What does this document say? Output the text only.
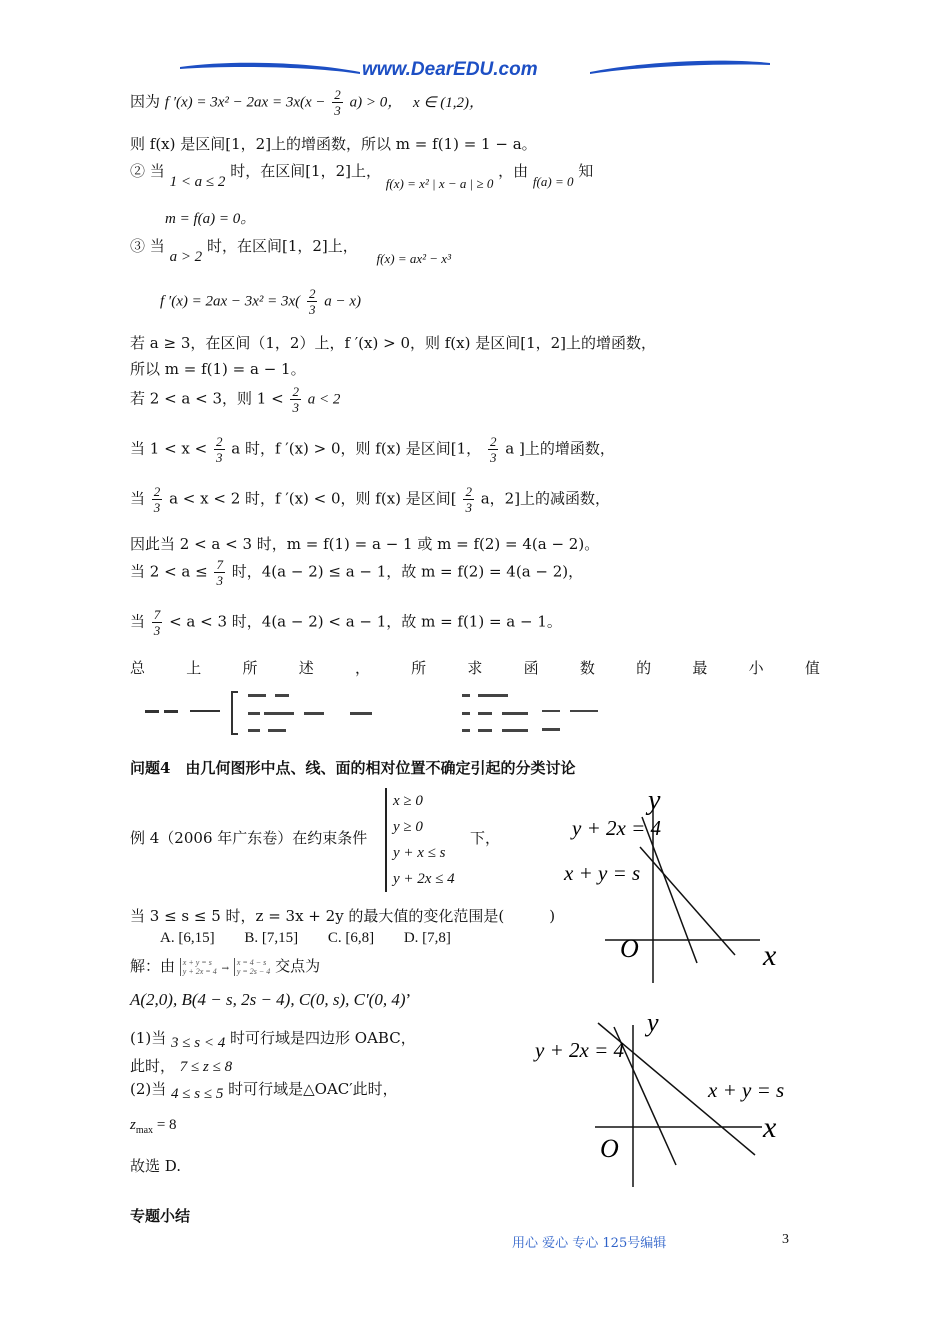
www.DearEDU.com
因为 f $'(x) = 3x^2 - 2ax = 3x(x - \frac{2}{3} a) > 0$， x ∈ (1,2)，
则 f(x) 是区间[1，2]上的增函数，所以 m = f(1) = 1 − a。
② 当 1 < a ≤ 2 时，在区间[1，2]上， f(x) = x² | x − a | ≥ 0 ，由 f(a) = 0 知
m = f(a) = 0。
③ 当 a > 2 时，在区间[1，2]上， f(x) = ax² − x³
f $'(x) = 2ax - 3x^2 = 3x( \frac{2}{3}$ a − x)
若 a ≥ 3，在区间（1，2）上，f ′(x) > 0，则 f(x) 是区间[1，2]上的增函数，
所以 m = f(1) = a − 1。
若 2 < a < 3，则 $1 < \frac{2}{3}$ a < 2
当 $1 < x < \frac{2}{3}$ a 时，f ′(x) > 0，则 f(x) 是区间[1， $\frac{2}{3}$ a ]上的增函数，
当 $\frac{2}{3}$ a < x < 2 时，f ′(x) < 0，则 f(x) 是区间[ $\frac{2}{3}$ a，2]上的减函数，
因此当 2 < a < 3 时，m = f(1) = a − 1 或 m = f(2) = 4(a − 2)。
当 $2 < a \le \frac{7}{3}$ 时，4(a − 2) ≤ a − 1，故 m = f(2) = 4(a − 2)，
当 $\frac{7}{3} < a < 3$ 时，4(a − 2) < a − 1，故 m = f(1) = a − 1。
总	上	所	述	，	所	求	函	数	的	最	小	值
问题4　由几何图形中点、线、面的相对位置不确定引起的分类讨论
例 4（2006 年广东卷）在约束条件
x ≥ 0
y ≥ 0
y + x ≤ s
y + 2x ≤ 4
下，
当 3 ≤ s ≤ 5 时，z = 3x + 2y 的最大值的变化范围是(　　　)
A. [6,15] B. [7,15] C. [6,8] D. [7,8]
解：由 x + y = s
y + 2x = 4 →
x = 4 − s
y = 2s − 4 交点为
A(2,0), B(4 − s, 2s − 4), C(0, s), C′(0, 4)’
(1)当 3 ≤ s < 4 时可行域是四边形 OABC，
此时， 7 ≤ z ≤ 8
(2)当 4 ≤ s ≤ 5 时可行域是△OAC′此时，
$z_{max} = 8$
故选 D.
专题小结
y
x
O
y + 2x = 4
x + y = s
y
x
O
y + 2x = 4
x + y = s
用心 爱心 专心 125号编辑	3
